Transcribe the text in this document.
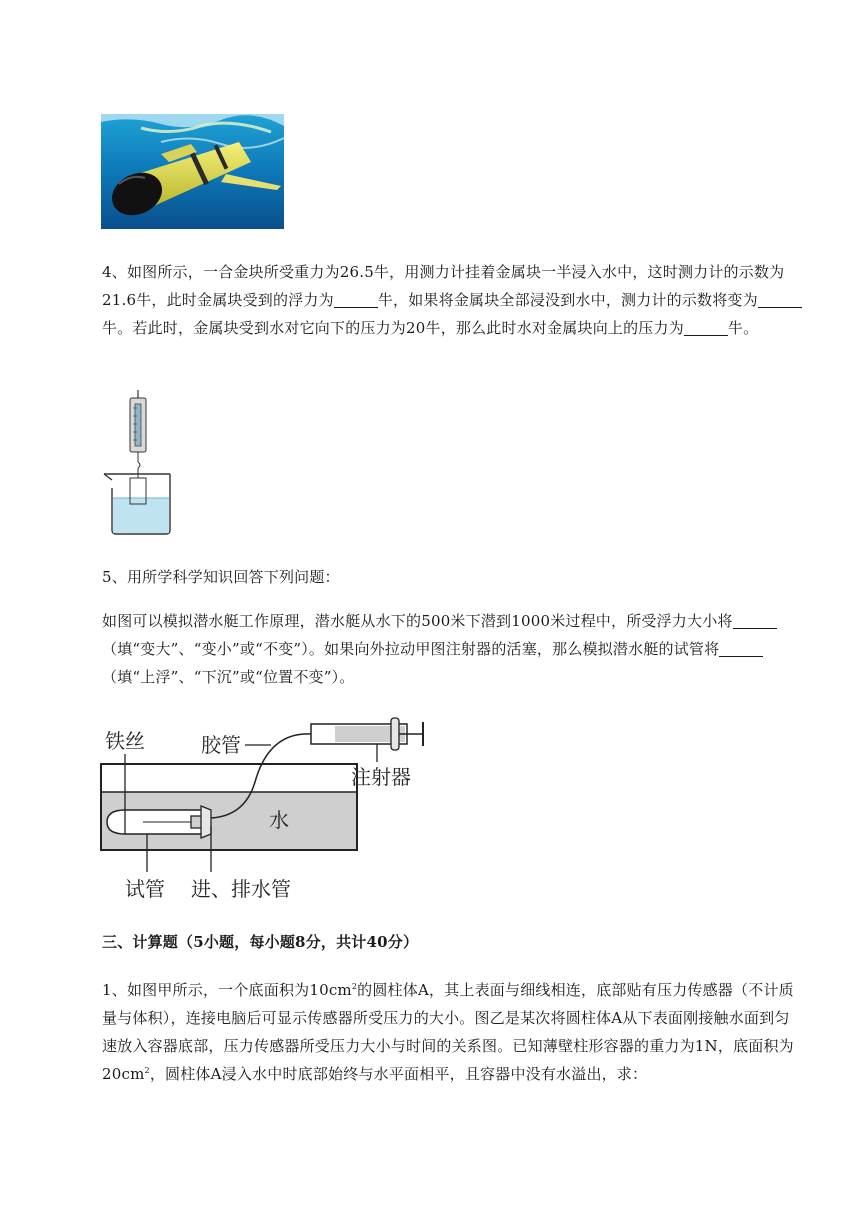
4、如图所示，一合金块所受重力为26.5牛，用测力计挂着金属块一半浸入水中，这时测力计的示数为21.6牛，此时金属块受到的浮力为	牛，如果将金属块全部浸没到水中，测力计的示数将变为牛。若此时，金属块受到水对它向下的压力为20牛，那么此时水对金属块向上的压力为	牛。
5、用所学科学知识回答下列问题：
如图可以模拟潜水艇工作原理，潜水艇从水下的500米下潜到1000米过程中，所受浮力大小将（填“变大”、“变小”或“不变”）。如果向外拉动甲图注射器的活塞，那么模拟潜水艇的试管将（填“上浮”、“下沉”或“位置不变”）。
铁丝	胶管
注射器
水
试管 进、排水管
三、计算题（5小题，每小题8分，共计40分）
1、如图甲所示，一个底面积为$10cm^2$的圆柱体A，其上表面与细线相连，底部贴有压力传感器（不计质量与体积），连接电脑后可显示传感器所受压力的大小。图乙是某次将圆柱体A从下表面刚接触水面到匀速放入容器底部，压力传感器所受压力大小与时间的关系图。已知薄壁柱形容器的重力为1N，底面积为$20cm^2$，圆柱体A浸入水中时底部始终与水平面相平，且容器中没有水溢出，求：
